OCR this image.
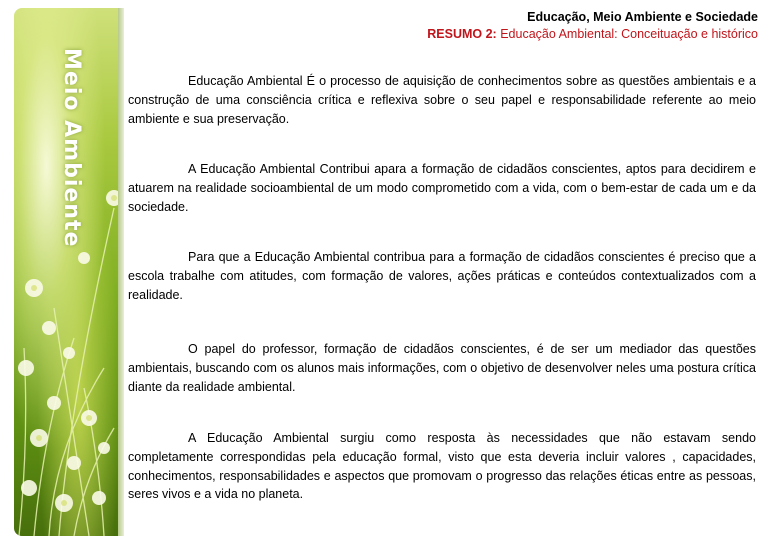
Meio Ambiente
Educação, Meio Ambiente e Sociedade
RESUMO 2: Educação Ambiental: Conceituação e histórico

Educação Ambiental É o processo de aquisição de conhecimentos sobre as questões ambientais e a construção de uma consciência crítica e reflexiva sobre o seu papel e responsabilidade referente ao meio ambiente e sua preservação.

A Educação Ambiental Contribui apara a formação de cidadãos conscientes, aptos para decidirem e atuarem na realidade socioambiental de um modo comprometido com a vida, com o bem-estar de cada um e da sociedade.

Para que a Educação Ambiental contribua para a formação de cidadãos conscientes é preciso que a escola trabalhe com atitudes, com formação de valores, ações práticas e conteúdos contextualizados com a realidade.

O papel do professor, formação de cidadãos conscientes, é de ser um mediador das questões ambientais, buscando com os alunos mais informações, com o objetivo de desenvolver neles uma postura crítica diante da realidade ambiental.

A Educação Ambiental surgiu como resposta às necessidades que não estavam sendo completamente correspondidas pela educação formal, visto que esta deveria incluir valores , capacidades, conhecimentos, responsabilidades e aspectos que promovam o progresso das relações éticas entre as pessoas, seres vivos e a vida no planeta.
